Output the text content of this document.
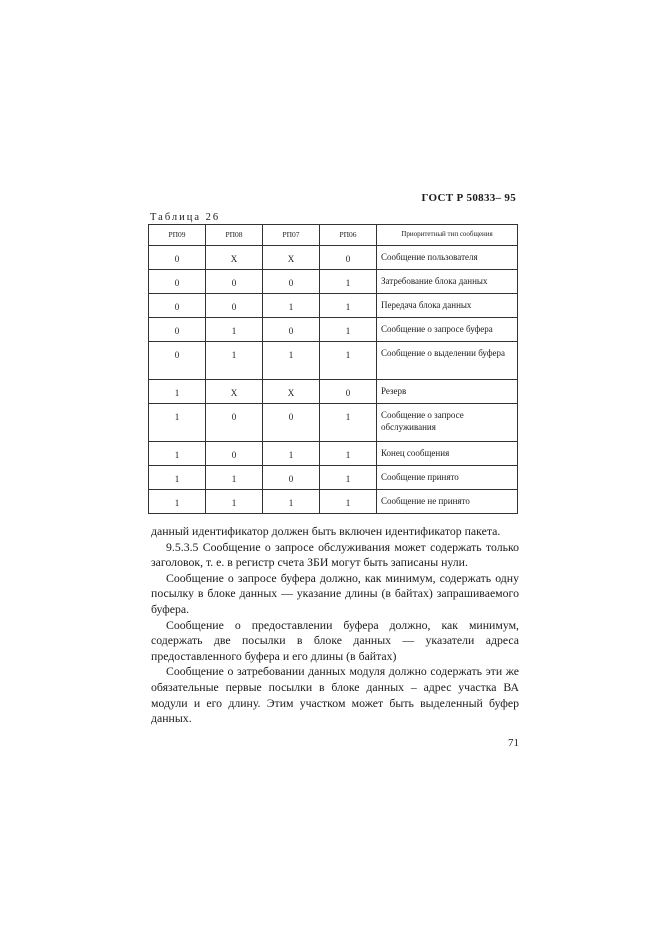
ГОСТ Р 50833– 95
Таблица 26
PП09	PП08	PП07	PП06	Приоритетный тип сообщения
0	X	X	0	Сообщение пользователя
0	0	0	1	Затребование блока данных
0	0	1	1	Передача блока данных
0	1	0	1	Сообщение о запросе буфера
0	1	1	1	Сообщение о выделении буфера
1	X	X	0	Резерв
1	0	0	1	Сообщение о запросе обслуживания
1	0	1	1	Конец сообщения
1	1	0	1	Сообщение принято
1	1	1	1	Сообщение не принято

данный идентификатор должен быть включен идентификатор пакета.

9.5.3.5 Сообщение о запросе обслуживания может содержать только заголовок, т. е. в регистр счета ЗБИ могут быть записаны нули.

Сообщение о запросе буфера должно, как минимум, содержать одну посылку в блоке данных — указание длины (в байтах) запрашиваемого буфера.

Сообщение о предоставлении буфера должно, как минимум, содержать две посылки в блоке данных — указатели адреса предоставленного буфера и его длины (в байтах)

Сообщение о затребовании данных модуля должно содержать эти же обязательные первые посылки в блоке данных – адрес участка ВА модули и его длину. Этим участком может быть выделенный буфер данных.

71
